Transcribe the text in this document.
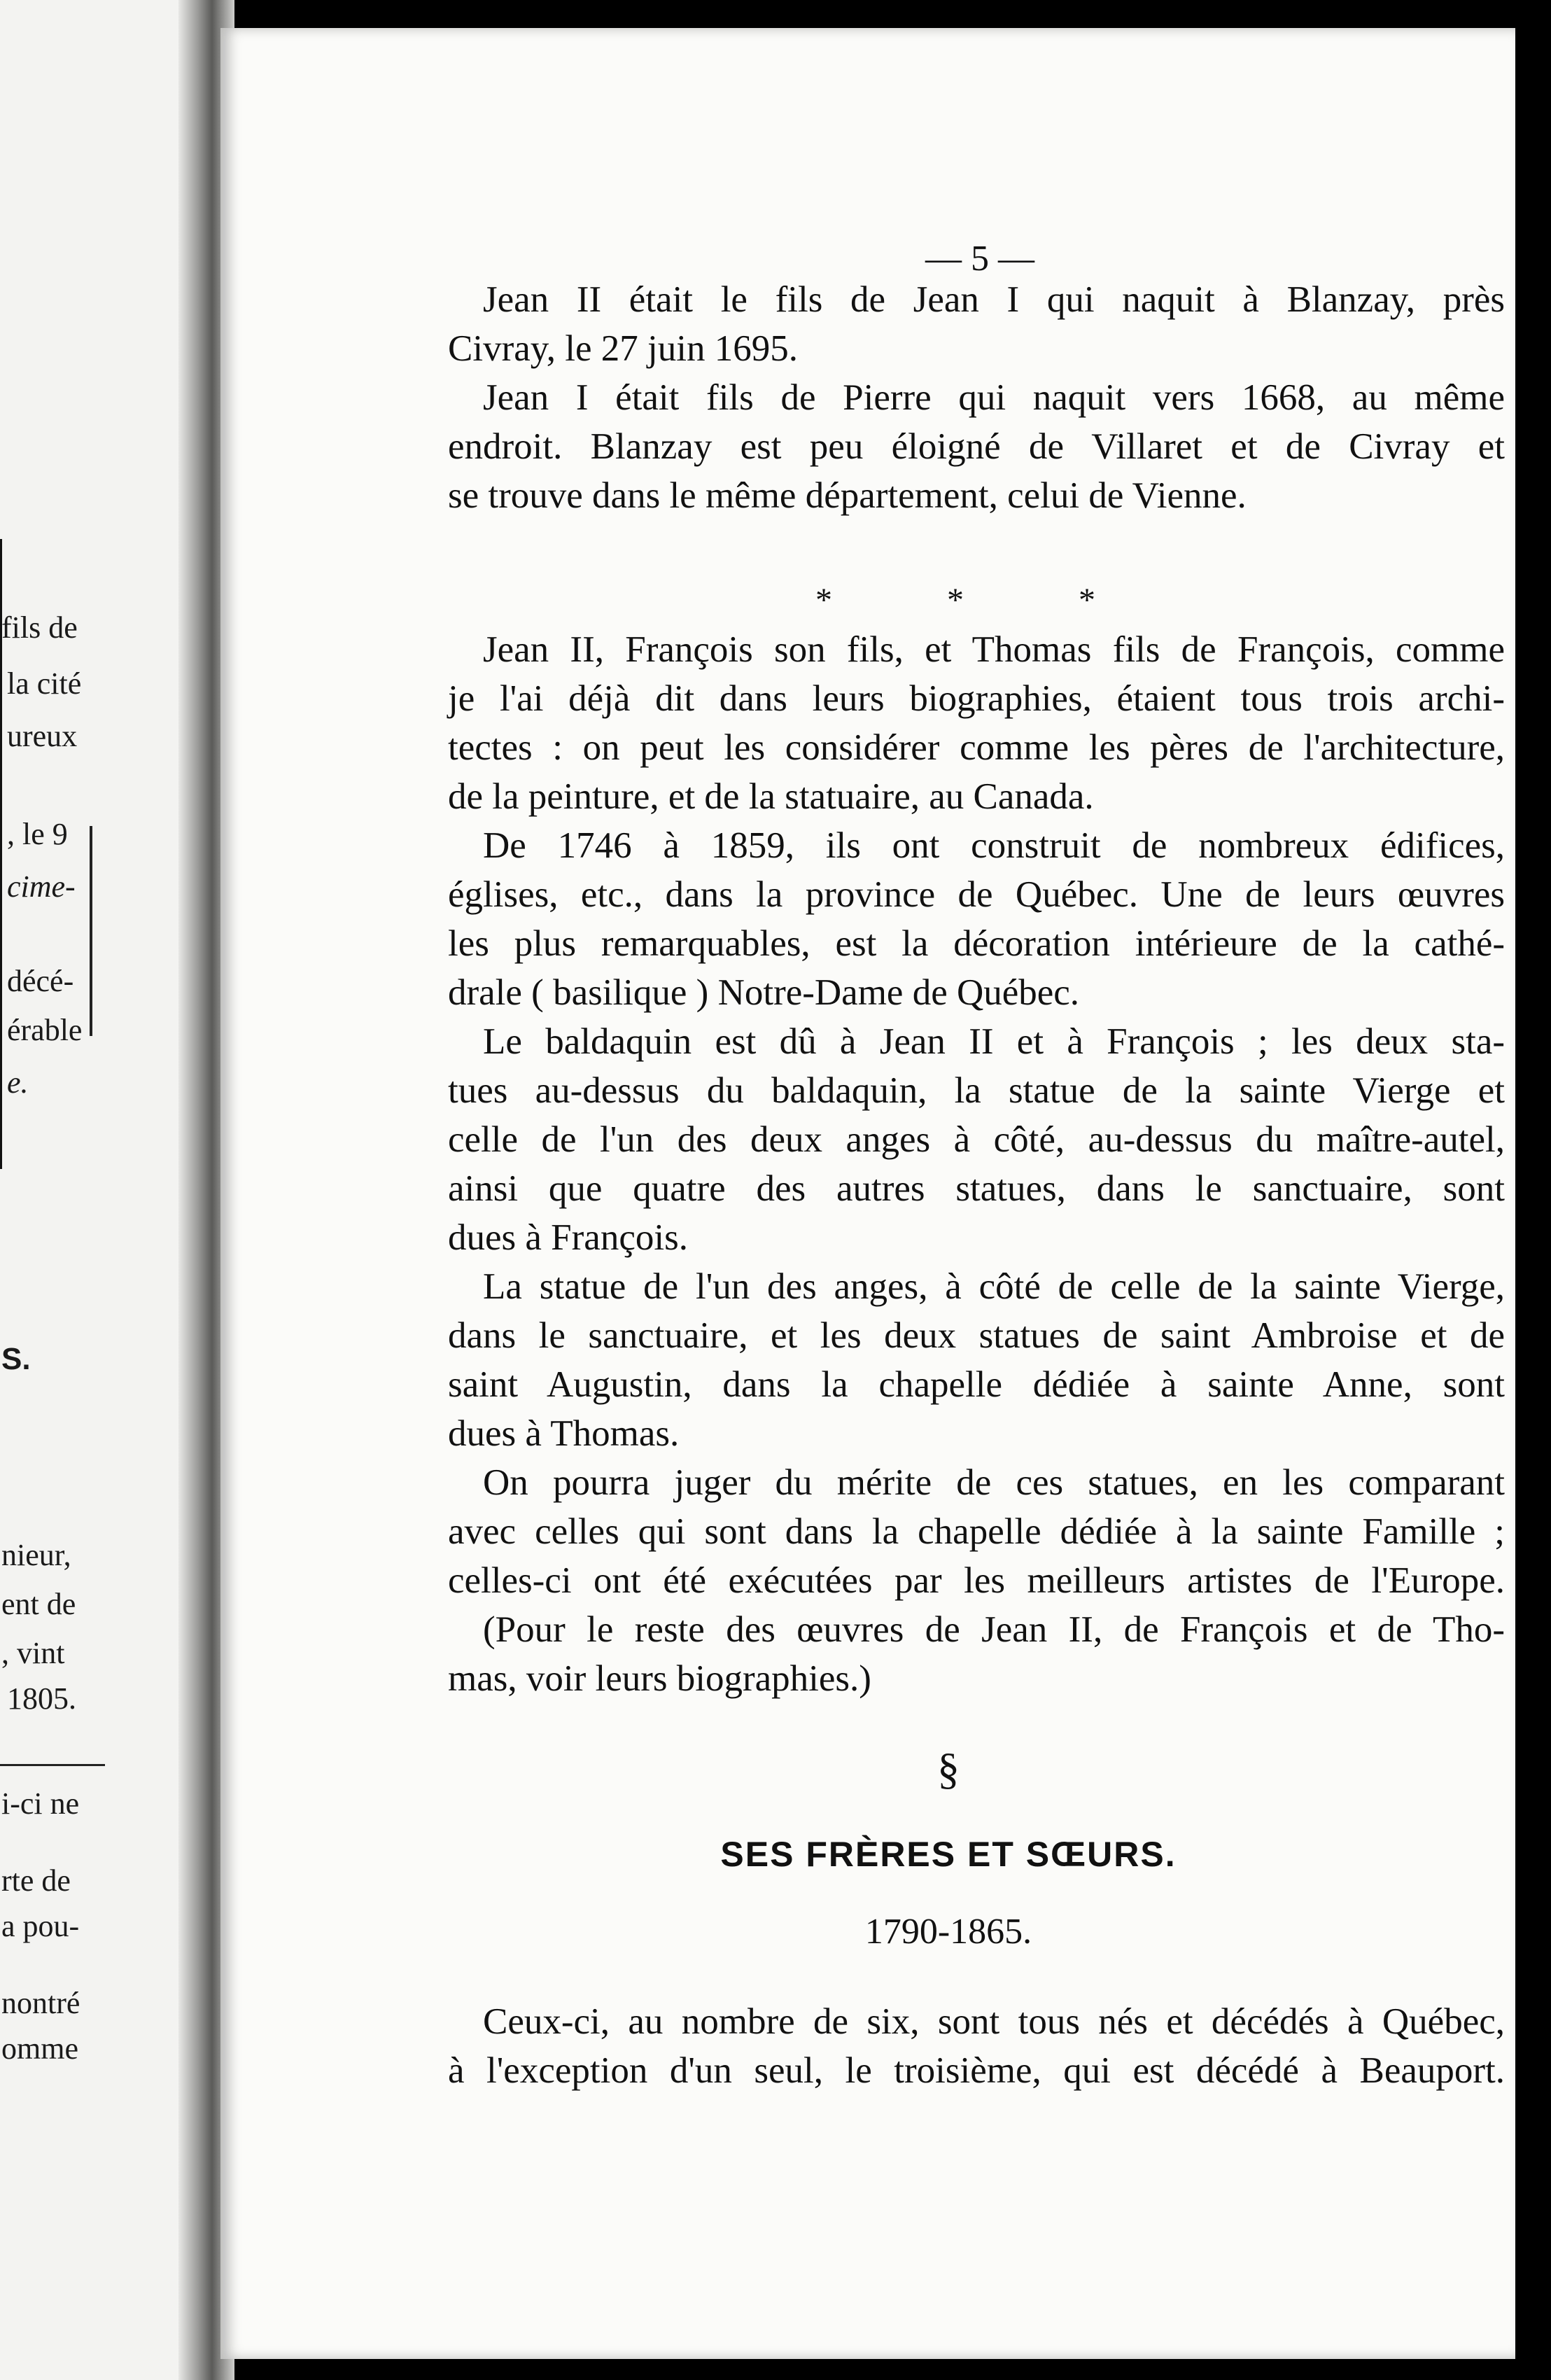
fils de
la cité
ureux
, le 9
cime-
décé-
érable
e.
S.
nieur,
ent de
, vint
1805.
i-ci ne
rte de
a pou-
nontré
omme
— 5 —
Jean II était le fils de Jean I qui naquit à Blanzay, près
Civray, le 27 juin 1695.
Jean I était fils de Pierre qui naquit vers 1668, au même
endroit. Blanzay est peu éloigné de Villaret et de Civray et
se trouve dans le même département, celui de Vienne.
*	*	*
Jean II, François son fils, et Thomas fils de François, comme
je l'ai déjà dit dans leurs biographies, étaient tous trois archi-
tectes : on peut les considérer comme les pères de l'architecture,
de la peinture, et de la statuaire, au Canada.
De 1746 à 1859, ils ont construit de nombreux édifices,
églises, etc., dans la province de Québec. Une de leurs œuvres
les plus remarquables, est la décoration intérieure de la cathé-
drale ( basilique ) Notre-Dame de Québec.
Le baldaquin est dû à Jean II et à François ; les deux sta-
tues au-dessus du baldaquin, la statue de la sainte Vierge et
celle de l'un des deux anges à côté, au-dessus du maître-autel,
ainsi que quatre des autres statues, dans le sanctuaire, sont
dues à François.
La statue de l'un des anges, à côté de celle de la sainte Vierge,
dans le sanctuaire, et les deux statues de saint Ambroise et de
saint Augustin, dans la chapelle dédiée à sainte Anne, sont
dues à Thomas.
On pourra juger du mérite de ces statues, en les comparant
avec celles qui sont dans la chapelle dédiée à la sainte Famille ;
celles-ci ont été exécutées par les meilleurs artistes de l'Europe.
(Pour le reste des œuvres de Jean II, de François et de Tho-
mas, voir leurs biographies.)
§
SES FRÈRES ET SŒURS.
1790-1865.
Ceux-ci, au nombre de six, sont tous nés et décédés à Québec,
à l'exception d'un seul, le troisième, qui est décédé à Beauport.
